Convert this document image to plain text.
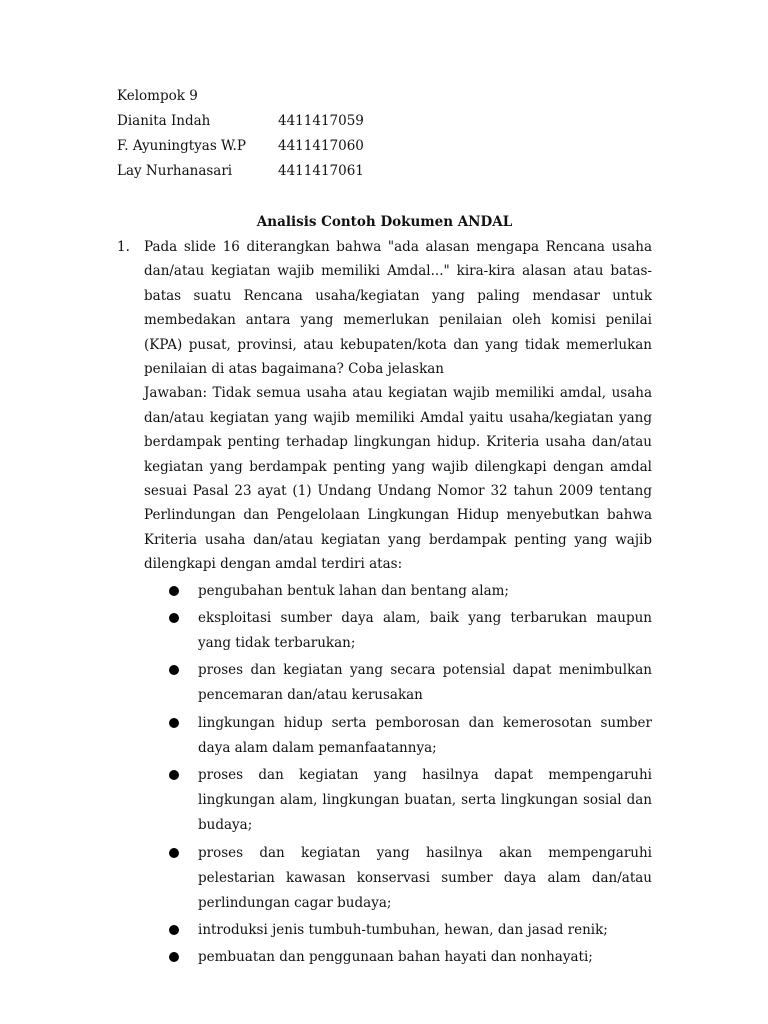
Kelompok 9
Dianita Indah	4411417059
F. Ayuningtyas W.P	4411417060
Lay Nurhanasari	4411417061
Analisis Contoh Dokumen ANDAL
1.	Pada slide 16 diterangkan bahwa "ada alasan mengapa Rencana usaha dan/atau kegiatan wajib memiliki Amdal..." kira-kira alasan atau batas-batas suatu Rencana usaha/kegiatan yang paling mendasar untuk membedakan antara yang memerlukan penilaian oleh komisi penilai (KPA) pusat, provinsi, atau kebupaten/kota dan yang tidak memerlukan penilaian di atas bagaimana? Coba jelaskan

Jawaban: Tidak semua usaha atau kegiatan wajib memiliki amdal, usaha dan/atau kegiatan yang wajib memiliki Amdal yaitu usaha/kegiatan yang berdampak penting terhadap lingkungan hidup. Kriteria usaha dan/atau kegiatan yang berdampak penting yang wajib dilengkapi dengan amdal sesuai Pasal 23 ayat (1) Undang Undang Nomor 32 tahun 2009 tentang Perlindungan dan Pengelolaan Lingkungan Hidup menyebutkan bahwa Kriteria usaha dan/atau kegiatan yang berdampak penting yang wajib dilengkapi dengan amdal terdiri atas:

pengubahan bentuk lahan dan bentang alam;
eksploitasi sumber daya alam, baik yang terbarukan maupun yang tidak terbarukan;
proses dan kegiatan yang secara potensial dapat menimbulkan pencemaran dan/atau kerusakan
lingkungan hidup serta pemborosan dan kemerosotan sumber daya alam dalam pemanfaatannya;
proses dan kegiatan yang hasilnya dapat mempengaruhi lingkungan alam, lingkungan buatan, serta lingkungan sosial dan budaya;
proses dan kegiatan yang hasilnya akan mempengaruhi pelestarian kawasan konservasi sumber daya alam dan/atau perlindungan cagar budaya;
introduksi jenis tumbuh-tumbuhan, hewan, dan jasad renik;
pembuatan dan penggunaan bahan hayati dan nonhayati;
